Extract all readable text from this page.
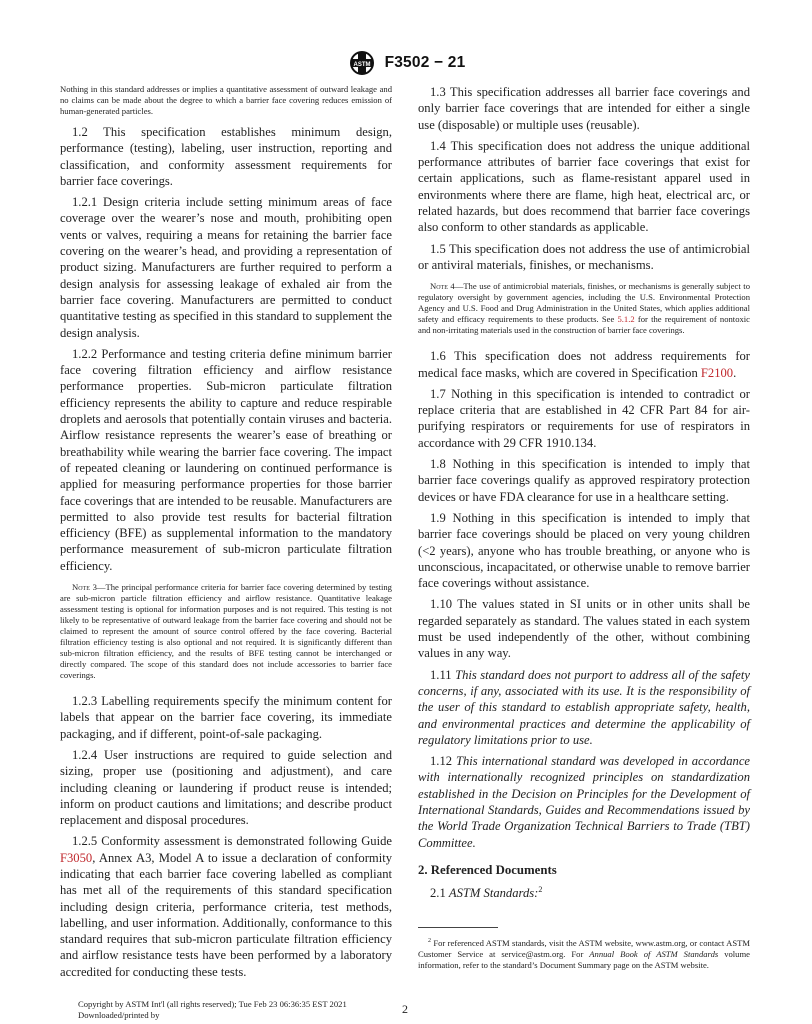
ASTM F3502 − 21

Nothing in this standard addresses or implies a quantitative assessment of outward leakage and no claims can be made about the degree to which a barrier face covering reduces emission of human-generated particles.

1.2 This specification establishes minimum design, performance (testing), labeling, user instruction, reporting and classification, and conformity assessment requirements for barrier face coverings.

1.2.1 Design criteria include setting minimum areas of face coverage over the wearer’s nose and mouth, prohibiting open vents or valves, requiring a means for retaining the barrier face covering on the wearer’s head, and providing a representation of product sizing. Manufacturers are further required to perform a design analysis for assessing leakage of exhaled air from the barrier face covering. Manufacturers are permitted to conduct quantitative testing as specified in this standard to supplement the design analysis.

1.2.2 Performance and testing criteria define minimum barrier face covering filtration efficiency and airflow resistance performance properties. Sub-micron particulate filtration efficiency represents the ability to capture and reduce respirable droplets and aerosols that potentially contain viruses and bacteria. Airflow resistance represents the wearer’s ease of breathing or breathability while wearing the barrier face covering. The impact of repeated cleaning or laundering on continued performance is applied for measuring performance properties for those barrier face coverings that are intended to be reusable. Manufacturers are permitted to also provide test results for bacterial filtration efficiency (BFE) as supplemental information to the mandatory performance measurement of sub-micron particulate filtration efficiency.

Note 3—The principal performance criteria for barrier face covering determined by testing are sub-micron particle filtration efficiency and airflow resistance. Quantitative leakage assessment testing is optional for information purposes and is not required. This testing is not likely to be representative of outward leakage from the barrier face covering and should not be claimed to represent the amount of source control offered by the face covering. Bacterial filtration efficiency testing is also optional and not required. It is significantly different than sub-micron filtration efficiency, and the results of BFE testing cannot be interchanged or directly compared. The scope of this standard does not include accessories to barrier face coverings.

1.2.3 Labelling requirements specify the minimum content for labels that appear on the barrier face covering, its immediate packaging, and if different, point-of-sale packaging.

1.2.4 User instructions are required to guide selection and sizing, proper use (positioning and adjustment), and care including cleaning or laundering if product reuse is intended; inform on product cautions and limitations; and describe product replacement and disposal procedures.

1.2.5 Conformity assessment is demonstrated following Guide F3050, Annex A3, Model A to issue a declaration of conformity indicating that each barrier face covering labelled as compliant has met all of the requirements of this standard specification including design criteria, performance criteria, test methods, labelling, and user information. Additionally, conformance to this standard requires that sub-micron particulate filtration efficiency and airflow resistance tests have been performed by a laboratory accredited for conducting these tests.

1.3 This specification addresses all barrier face coverings and only barrier face coverings that are intended for either a single use (disposable) or multiple uses (reusable).

1.4 This specification does not address the unique additional performance attributes of barrier face coverings that exist for certain applications, such as flame-resistant apparel used in environments where there are flame, high heat, electrical arc, or related hazards, but does recommend that barrier face coverings also conform to other standards as applicable.

1.5 This specification does not address the use of antimicrobial or antiviral materials, finishes, or mechanisms.

Note 4—The use of antimicrobial materials, finishes, or mechanisms is generally subject to regulatory oversight by government agencies, including the U.S. Environmental Protection Agency and U.S. Food and Drug Administration in the United States, which applies additional safety and efficacy requirements to these products. See 5.1.2 for the requirement of nontoxic and non-irritating materials used in the construction of barrier face coverings.

1.6 This specification does not address requirements for medical face masks, which are covered in Specification F2100.

1.7 Nothing in this specification is intended to contradict or replace criteria that are established in 42 CFR Part 84 for air-purifying respirators or requirements for use of respirators in accordance with 29 CFR 1910.134.

1.8 Nothing in this specification is intended to imply that barrier face coverings qualify as approved respiratory protection devices or have FDA clearance for use in a healthcare setting.

1.9 Nothing in this specification is intended to imply that barrier face coverings should be placed on very young children (<2 years), anyone who has trouble breathing, or anyone who is unconscious, incapacitated, or otherwise unable to remove barrier face coverings without assistance.

1.10 The values stated in SI units or in other units shall be regarded separately as standard. The values stated in each system must be used independently of the other, without combining values in any way.

1.11 This standard does not purport to address all of the safety concerns, if any, associated with its use. It is the responsibility of the user of this standard to establish appropriate safety, health, and environmental practices and determine the applicability of regulatory limitations prior to use.

1.12 This international standard was developed in accordance with internationally recognized principles on standardization established in the Decision on Principles for the Development of International Standards, Guides and Recommendations issued by the World Trade Organization Technical Barriers to Trade (TBT) Committee.

2. Referenced Documents

2.1 ASTM Standards:$^2$

$^2$ For referenced ASTM standards, visit the ASTM website, www.astm.org, or contact ASTM Customer Service at service@astm.org. For Annual Book of ASTM Standards volume information, refer to the standard’s Document Summary page on the ASTM website.

Copyright by ASTM Int'l (all rights reserved); Tue Feb 23 06:36:35 EST 2021
Downloaded/printed by	2
